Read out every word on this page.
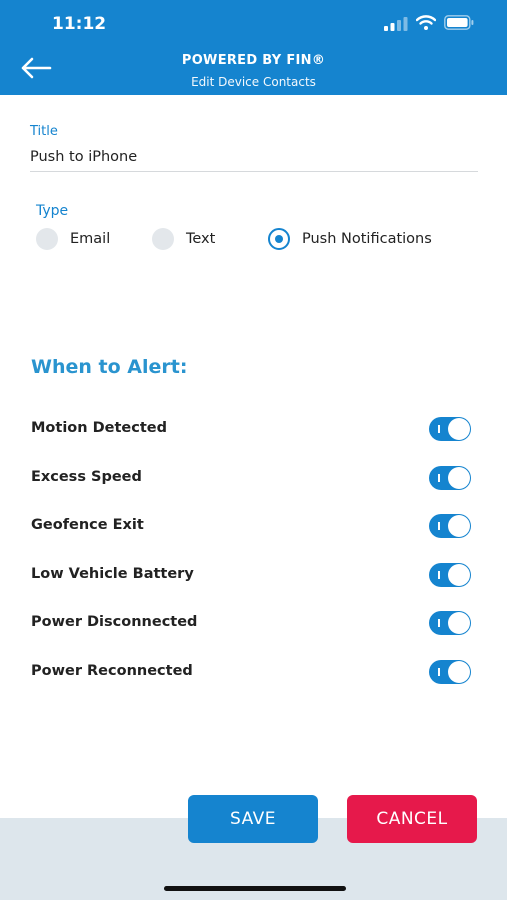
11:12
POWERED BY FIN®
Edit Device Contacts
Title
Push to iPhone
Type
Email	Text	Push Notifications
When to Alert:
Motion Detected
Excess Speed
Geofence Exit
Low Vehicle Battery
Power Disconnected
Power Reconnected
SAVE	CANCEL
